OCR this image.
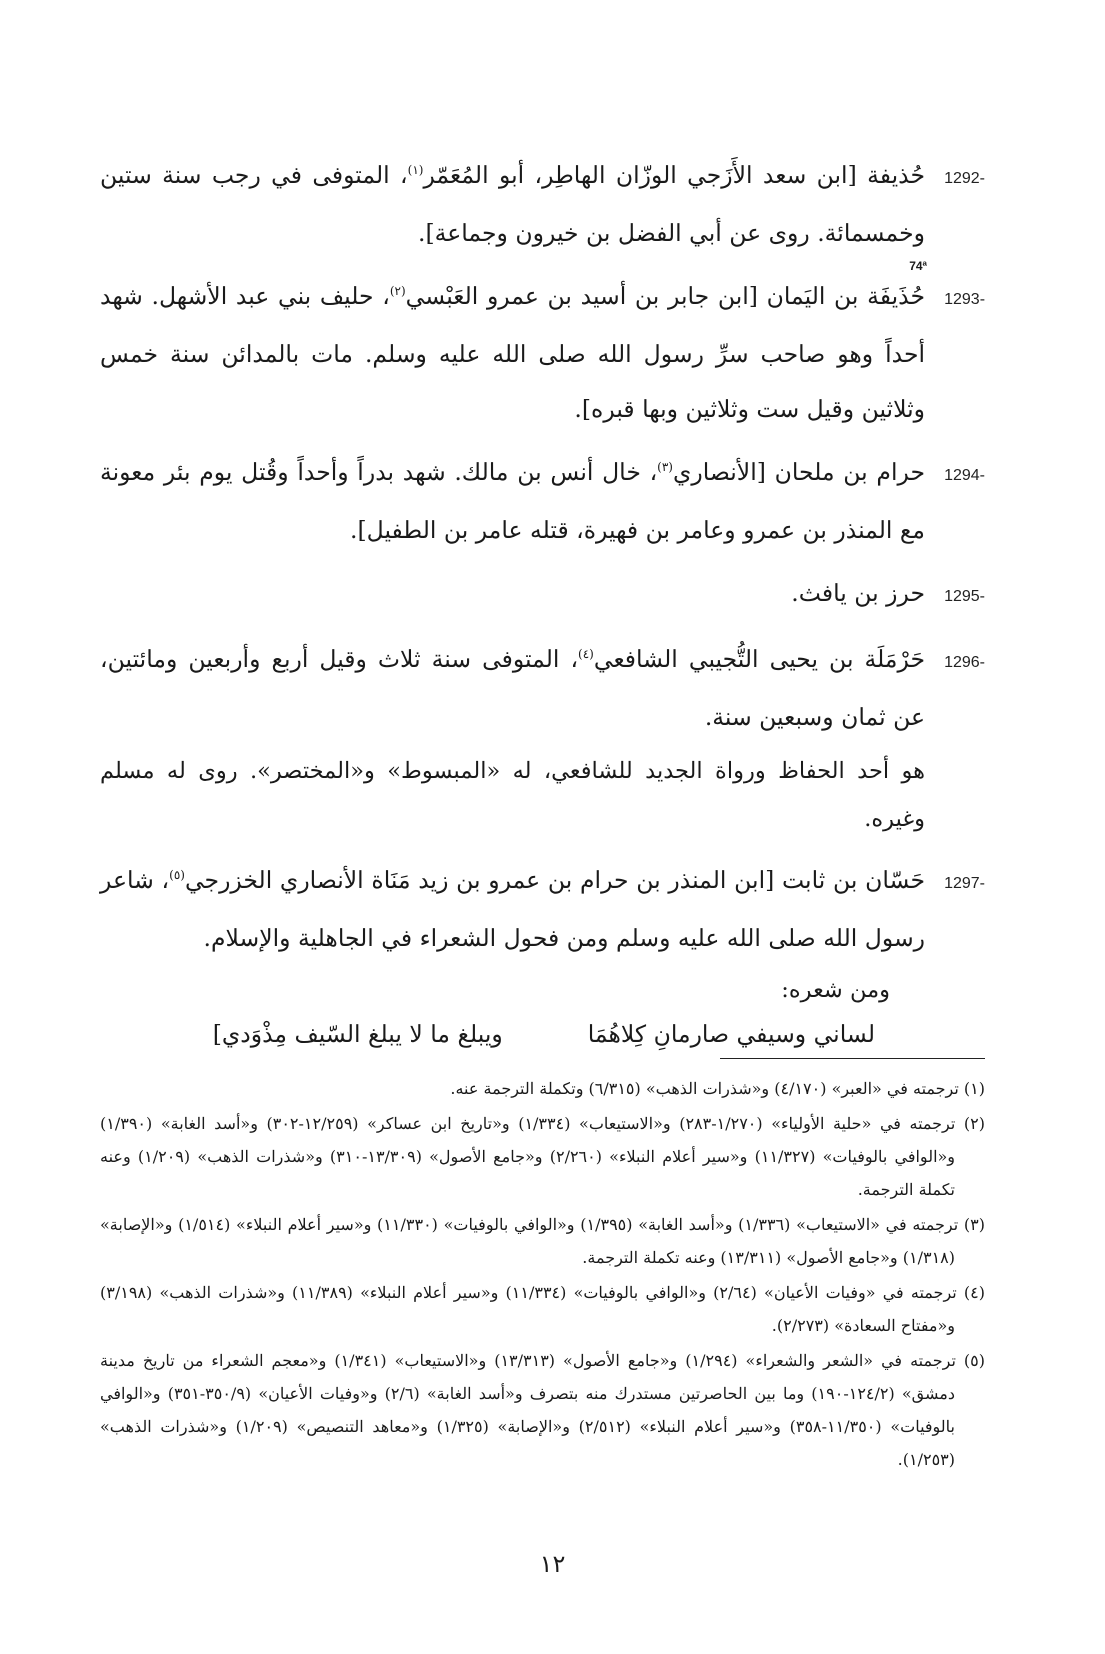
1292-حُذيفة [ابن سعد الأَزَجي الوزّان الهاطِر، أبو المُعَمّر$^{(١)}$، المتوفى في رجب سنة ستين وخمسمائة. روى عن أبي الفضل بن خيرون وجماعة].

74ª

1293-حُذَيفَة بن اليَمان [ابن جابر بن أسيد بن عمرو العَبْسي$^{(٢)}$، حليف بني عبد الأشهل. شهد أحداً وهو صاحب سرِّ رسول الله صلى الله عليه وسلم. مات بالمدائن سنة خمس وثلاثين وقيل ست وثلاثين وبها قبره].

1294-حرام بن ملحان [الأنصاري$^{(٣)}$، خال أنس بن مالك. شهد بدراً وأحداً وقُتل يوم بئر معونة مع المنذر بن عمرو وعامر بن فهيرة، قتله عامر بن الطفيل].

1295-حرز بن يافث.

1296-حَرْمَلَة بن يحيى التُّجيبي الشافعي$^{(٤)}$، المتوفى سنة ثلاث وقيل أربع وأربعين ومائتين، عن ثمان وسبعين سنة.

هو أحد الحفاظ ورواة الجديد للشافعي، له «المبسوط» و«المختصر». روى له مسلم وغيره.

1297-حَسّان بن ثابت [ابن المنذر بن حرام بن عمرو بن زيد مَنَاة الأنصاري الخزرجي$^{(٥)}$، شاعر رسول الله صلى الله عليه وسلم ومن فحول الشعراء في الجاهلية والإسلام.

ومن شعره:
لساني وسيفي صارمانِ كِلاهُمَا
ويبلغ ما لا يبلغ السّيف مِذْوَدي]

(١) ترجمته في «العبر» (٤/١٧٠) و«شذرات الذهب» (٦/٣١٥) وتكملة الترجمة عنه.

(٢) ترجمته في «حلية الأولياء» (١/٢٧٠-٢٨٣) و«الاستيعاب» (١/٣٣٤) و«تاريخ ابن عساكر» (١٢/٢٥٩-٣٠٢) و«أسد الغابة» (١/٣٩٠) و«الوافي بالوفيات» (١١/٣٢٧) و«سير أعلام النبلاء» (٢/٢٦٠) و«جامع الأصول» (١٣/٣٠٩-٣١٠) و«شذرات الذهب» (١/٢٠٩) وعنه تكملة الترجمة.

(٣) ترجمته في «الاستيعاب» (١/٣٣٦) و«أسد الغابة» (١/٣٩٥) و«الوافي بالوفيات» (١١/٣٣٠) و«سير أعلام النبلاء» (١/٥١٤) و«الإصابة» (١/٣١٨) و«جامع الأصول» (١٣/٣١١) وعنه تكملة الترجمة.

(٤) ترجمته في «وفيات الأعيان» (٢/٦٤) و«الوافي بالوفيات» (١١/٣٣٤) و«سير أعلام النبلاء» (١١/٣٨٩) و«شذرات الذهب» (٣/١٩٨) و«مفتاح السعادة» (٢/٢٧٣).

(٥) ترجمته في «الشعر والشعراء» (١/٢٩٤) و«جامع الأصول» (١٣/٣١٣) و«الاستيعاب» (١/٣٤١) و«معجم الشعراء من تاريخ مدينة دمشق» (١٢٤/٢-١٩٠) وما بين الحاصرتين مستدرك منه بتصرف و«أسد الغابة» (٢/٦) و«وفيات الأعيان» (٣٥٠/٩-٣٥١) و«الوافي بالوفيات» (١١/٣٥٠-٣٥٨) و«سير أعلام النبلاء» (٢/٥١٢) و«الإصابة» (١/٣٢٥) و«معاهد التنصيص» (١/٢٠٩) و«شذرات الذهب» (١/٢٥٣).

١٢
